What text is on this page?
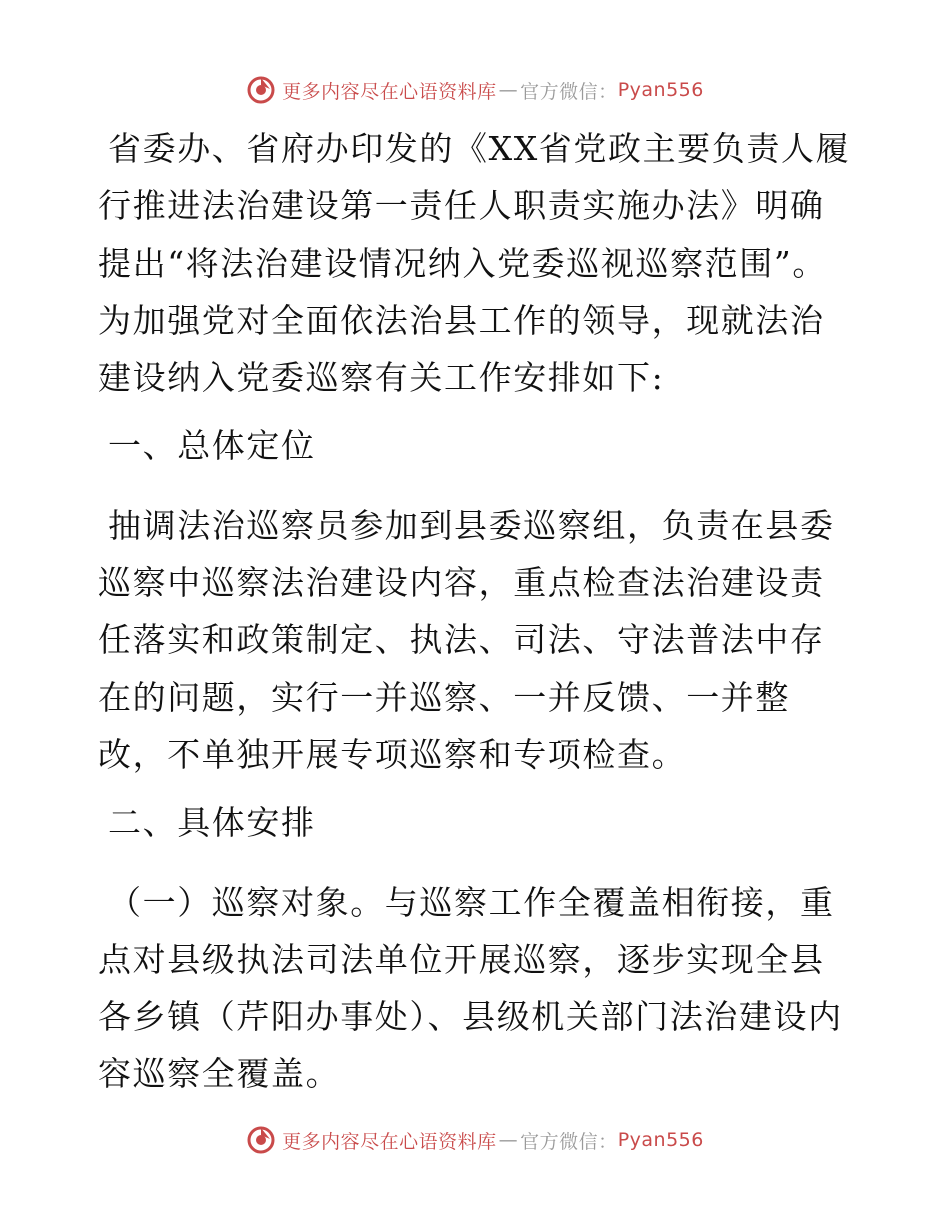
更多内容尽在心语资料库 — 官方微信： Pyan556

省委办、省府办印发的《XX省党政主要负责人履行推进法治建设第一责任人职责实施办法》明确提出“将法治建设情况纳入党委巡视巡察范围”。为加强党对全面依法治县工作的领导，现就法治建设纳入党委巡察有关工作安排如下:

一、总体定位

抽调法治巡察员参加到县委巡察组，负责在县委巡察中巡察法治建设内容，重点检查法治建设责任落实和政策制定、执法、司法、守法普法中存在的问题，实行一并巡察、一并反馈、一并整改，不单独开展专项巡察和专项检查。

二、具体安排

（一）巡察对象。与巡察工作全覆盖相衔接，重点对县级执法司法单位开展巡察，逐步实现全县各乡镇（芹阳办事处）、县级机关部门法治建设内容巡察全覆盖。

更多内容尽在心语资料库 — 官方微信： Pyan556
